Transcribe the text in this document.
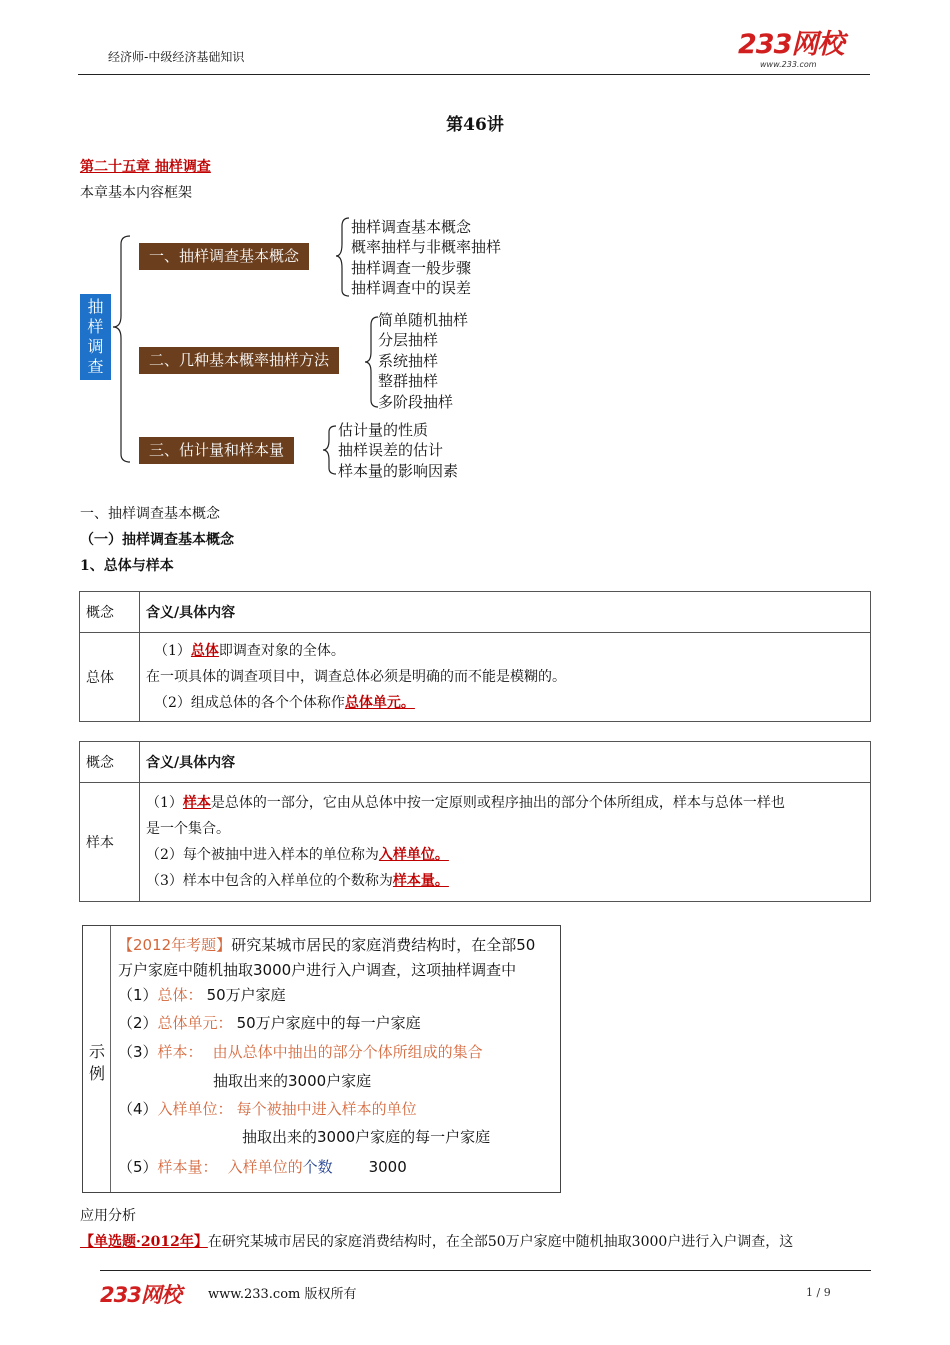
经济师-中级经济基础知识	233网校
www.233.com
第46讲
第二十五章 抽样调查
本章基本内容框架
抽样调查
一、抽样调查基本概念
抽样调查基本概念
概率抽样与非概率抽样
抽样调查一般步骤
抽样调查中的误差
二、几种基本概率抽样方法
简单随机抽样
分层抽样
系统抽样
整群抽样
多阶段抽样
三、估计量和样本量
估计量的性质
抽样误差的估计
样本量的影响因素
一、抽样调查基本概念
（一）抽样调查基本概念
1、总体与样本
概念	含义/具体内容
总体	（1）总体即调查对象的全体。
在一项具体的调查项目中，调查总体必须是明确的而不能是模糊的。
（2）组成总体的各个个体称作总体单元。
概念	含义/具体内容
样本	（1）样本是总体的一部分，它由从总体中按一定原则或程序抽出的部分个体所组成，样本与总体一样也
是一个集合。
（2）每个被抽中进入样本的单位称为入样单位。
（3）样本中包含的入样单位的个数称为样本量。
示例
【2012年考题】研究某城市居民的家庭消费结构时，在全部50
万户家庭中随机抽取3000户进行入户调查，这项抽样调查中
（1）总体： 50万户家庭
（2）总体单元： 50万户家庭中的每一户家庭
（3）样本： 由从总体中抽出的部分个体所组成的集合
抽取出来的3000户家庭
（4）入样单位： 每个被抽中进入样本的单位
抽取出来的3000户家庭的每一户家庭
（5）样本量： 入样单位的个数 3000
应用分析
【单选题·2012年】在研究某城市居民的家庭消费结构时，在全部50万户家庭中随机抽取3000户进行入户调查，这
233网校 www.233.com 版权所有	1 / 9
